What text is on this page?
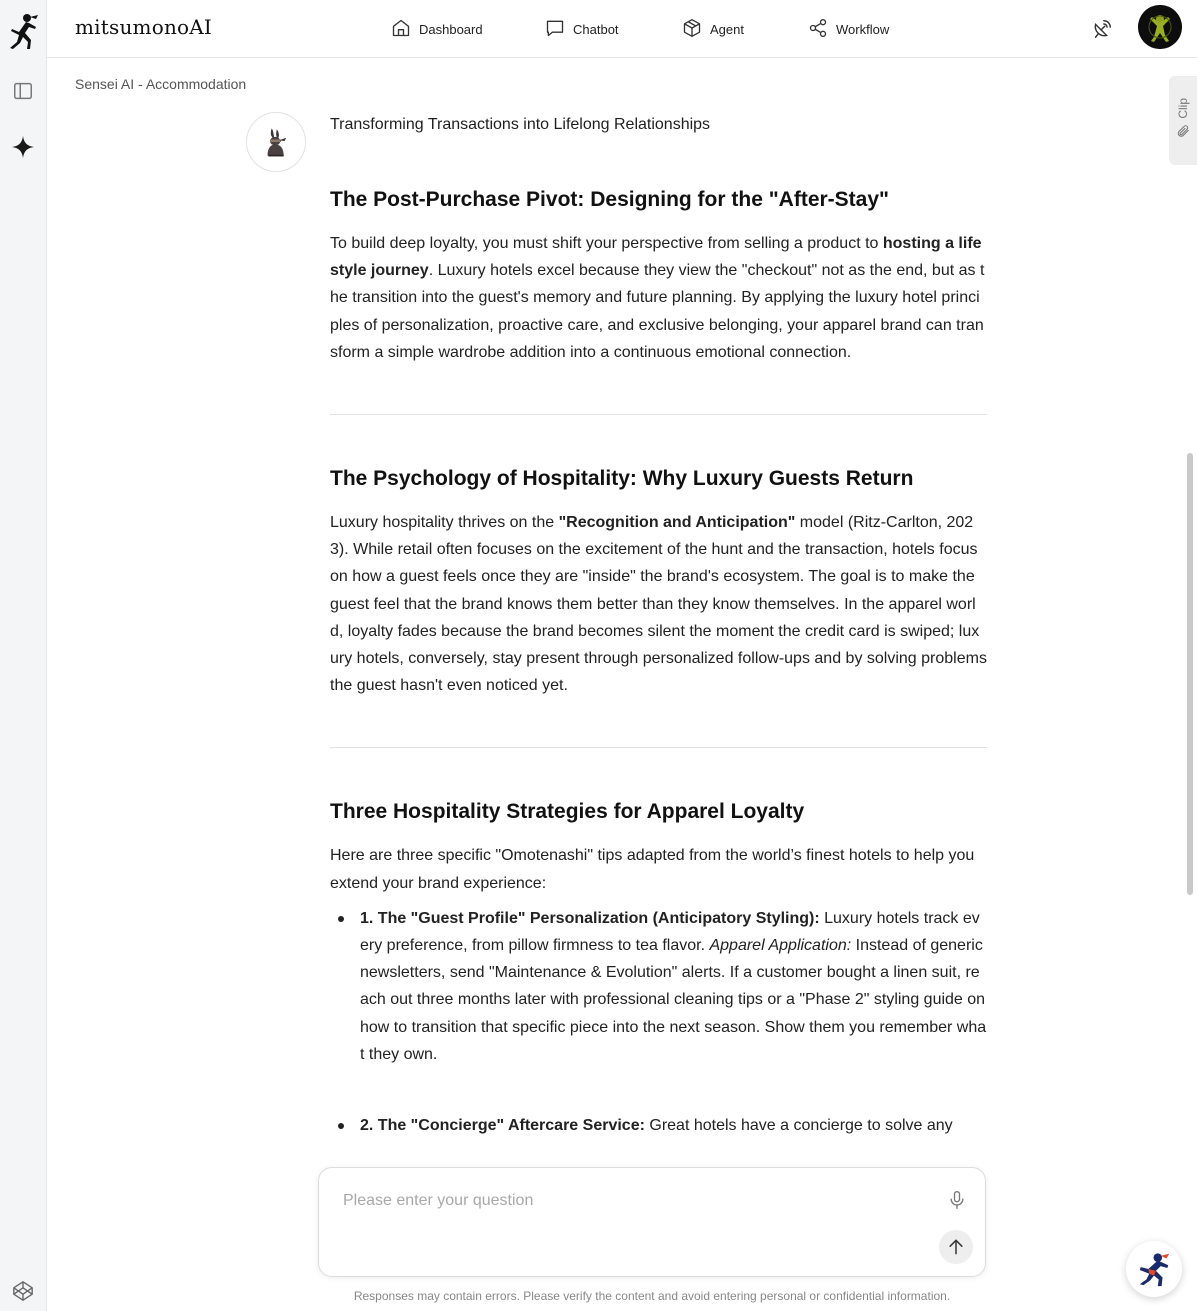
mitsumonoAI	Dashboard	Chatbot	Agent	Workflow
Sensei AI - Accommodation
Clip
Transforming Transactions into Lifelong Relationships
The Post-Purchase Pivot: Designing for the "After-Stay"

To build deep loyalty, you must shift your perspective from selling a product to hosting a lifestyle journey. Luxury hotels excel because they view the "checkout" not as the end, but as the transition into the guest's memory and future planning. By applying the luxury hotel principles of personalization, proactive care, and exclusive belonging, your apparel brand can transform a simple wardrobe addition into a continuous emotional connection.

The Psychology of Hospitality: Why Luxury Guests Return

Luxury hospitality thrives on the "Recognition and Anticipation" model (Ritz-Carlton, 2023). While retail often focuses on the excitement of the hunt and the transaction, hotels focus on how a guest feels once they are "inside" the brand's ecosystem. The goal is to make the guest feel that the brand knows them better than they know themselves. In the apparel world, loyalty fades because the brand becomes silent the moment the credit card is swiped; luxury hotels, conversely, stay present through personalized follow-ups and by solving problems the guest hasn't even noticed yet.

Three Hospitality Strategies for Apparel Loyalty

Here are three specific "Omotenashi" tips adapted from the world’s finest hotels to help you extend your brand experience:

1. The "Guest Profile" Personalization (Anticipatory Styling): Luxury hotels track every preference, from pillow firmness to tea flavor. Apparel Application: Instead of generic newsletters, send "Maintenance & Evolution" alerts. If a customer bought a linen suit, reach out three months later with professional cleaning tips or a "Phase 2" styling guide on how to transition that specific piece into the next season. Show them you remember what they own.
2. The "Concierge" Aftercare Service: Great hotels have a concierge to solve any
Please enter your question
Responses may contain errors. Please verify the content and avoid entering personal or confidential information.
